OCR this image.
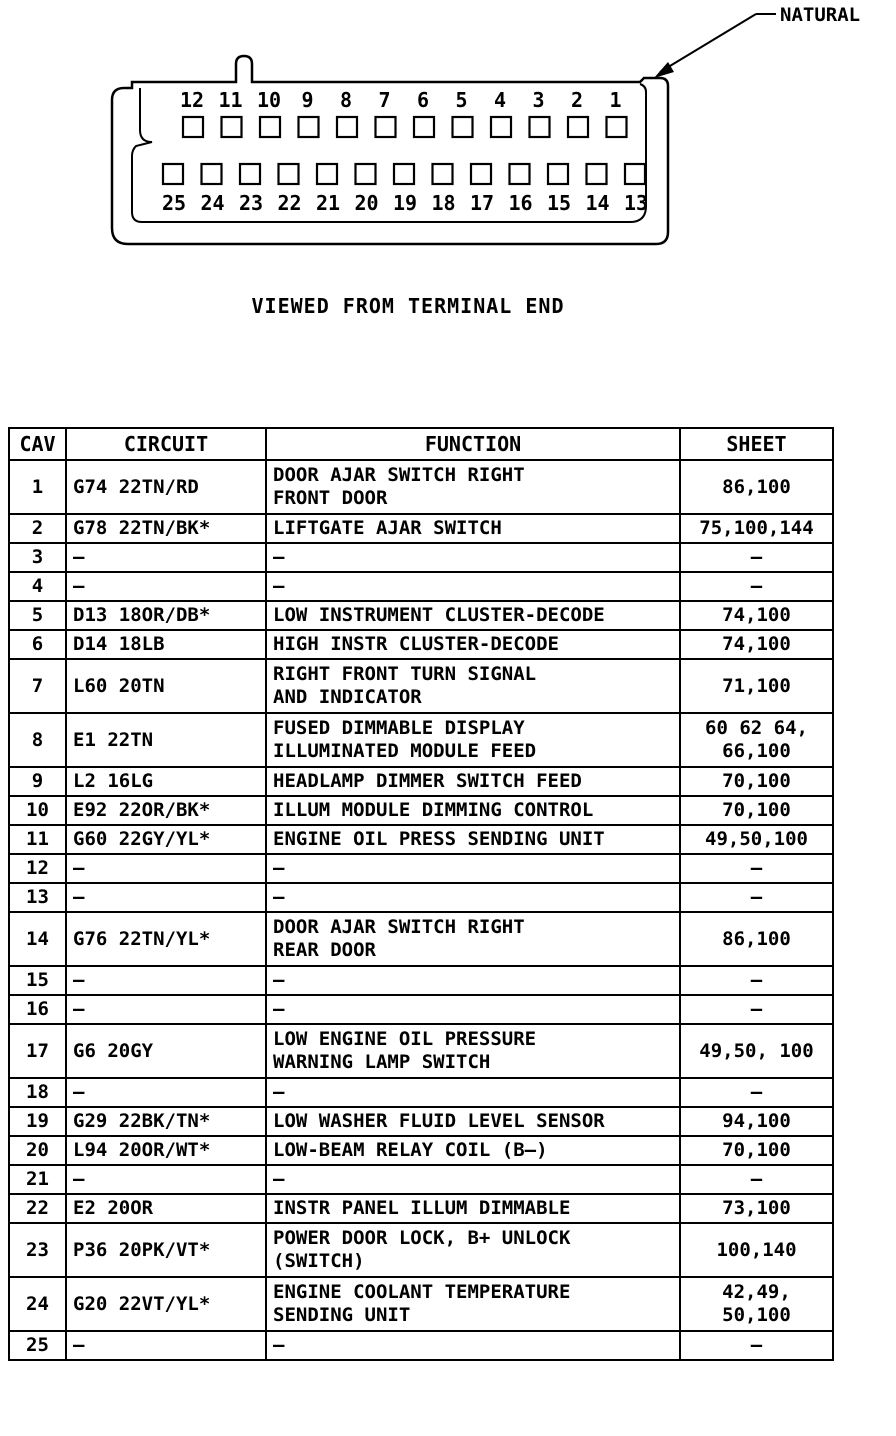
NATURAL
12 11 10 9 8 7 6 5 4 3 2 1
25 24 23 22 21 20 19 18 17 16 15 14 13
VIEWED FROM TERMINAL END
CAV	CIRCUIT	FUNCTION	SHEET
1	G74 22TN/RD	DOOR AJAR SWITCH RIGHT
FRONT DOOR	86,100
2	G78 22TN/BK*	LIFTGATE AJAR SWITCH	75,100,144
3	—	—	—
4	—	—	—
5	D13 18OR/DB*	LOW INSTRUMENT CLUSTER-DECODE	74,100
6	D14 18LB	HIGH INSTR CLUSTER-DECODE	74,100
7	L60 20TN	RIGHT FRONT TURN SIGNAL
AND INDICATOR	71,100
8	E1 22TN	FUSED DIMMABLE DISPLAY
ILLUMINATED MODULE FEED	60 62 64, 66,100
9	L2 16LG	HEADLAMP DIMMER SWITCH FEED	70,100
10	E92 22OR/BK*	ILLUM MODULE DIMMING CONTROL	70,100
11	G60 22GY/YL*	ENGINE OIL PRESS SENDING UNIT	49,50,100
12	—	—	—
13	—	—	—
14	G76 22TN/YL*	DOOR AJAR SWITCH RIGHT
REAR DOOR	86,100
15	—	—	—
16	—	—	—
17	G6 20GY	LOW ENGINE OIL PRESSURE
WARNING LAMP SWITCH	49,50, 100
18	—	—	—
19	G29 22BK/TN*	LOW WASHER FLUID LEVEL SENSOR	94,100
20	L94 20OR/WT*	LOW-BEAM RELAY COIL (B—)	70,100
21	—	—	—
22	E2 20OR	INSTR PANEL ILLUM DIMMABLE	73,100
23	P36 20PK/VT*	POWER DOOR LOCK, B+ UNLOCK
(SWITCH)	100,140
24	G20 22VT/YL*	ENGINE COOLANT TEMPERATURE
SENDING UNIT	42,49, 50,100
25	—	—	—
